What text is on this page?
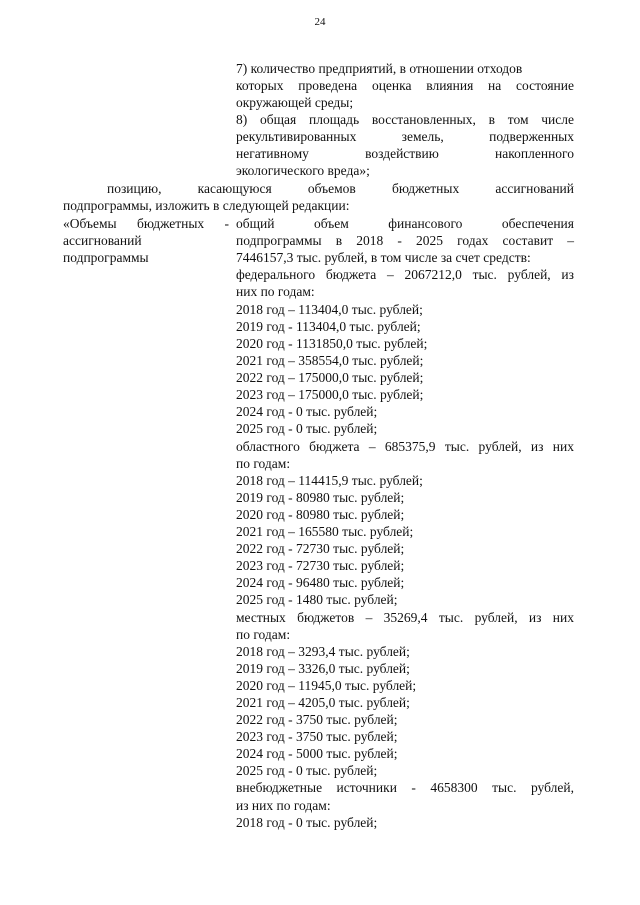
24
7) количество предприятий, в отношении отходов
которых проведена оценка влияния на состояние
окружающей среды;
8) общая площадь восстановленных, в том числе
рекультивированных земель, подверженных
негативному воздействию накопленного
экологического вреда»;
позицию, касающуюся объемов бюджетных ассигнований
подпрограммы, изложить в следующей редакции:
«Объемы бюджетных -
ассигнований
подпрограммы
общий объем финансового обеспечения
подпрограммы в 2018 - 2025 годах составит –
7446157,3 тыс. рублей, в том числе за счет средств:
федерального бюджета – 2067212,0 тыс. рублей, из
них по годам:
2018 год – 113404,0 тыс. рублей;
2019 год - 113404,0 тыс. рублей;
2020 год - 1131850,0 тыс. рублей;
2021 год – 358554,0 тыс. рублей;
2022 год – 175000,0 тыс. рублей;
2023 год – 175000,0 тыс. рублей;
2024 год - 0 тыс. рублей;
2025 год - 0 тыс. рублей;
областного бюджета – 685375,9 тыс. рублей, из них
по годам:
2018 год – 114415,9 тыс. рублей;
2019 год - 80980 тыс. рублей;
2020 год - 80980 тыс. рублей;
2021 год – 165580 тыс. рублей;
2022 год - 72730 тыс. рублей;
2023 год - 72730 тыс. рублей;
2024 год - 96480 тыс. рублей;
2025 год - 1480 тыс. рублей;
местных бюджетов – 35269,4 тыс. рублей, из них
по годам:
2018 год – 3293,4 тыс. рублей;
2019 год – 3326,0 тыс. рублей;
2020 год – 11945,0 тыс. рублей;
2021 год – 4205,0 тыс. рублей;
2022 год - 3750 тыс. рублей;
2023 год - 3750 тыс. рублей;
2024 год - 5000 тыс. рублей;
2025 год - 0 тыс. рублей;
внебюджетные источники - 4658300 тыс. рублей,
из них по годам:
2018 год - 0 тыс. рублей;
